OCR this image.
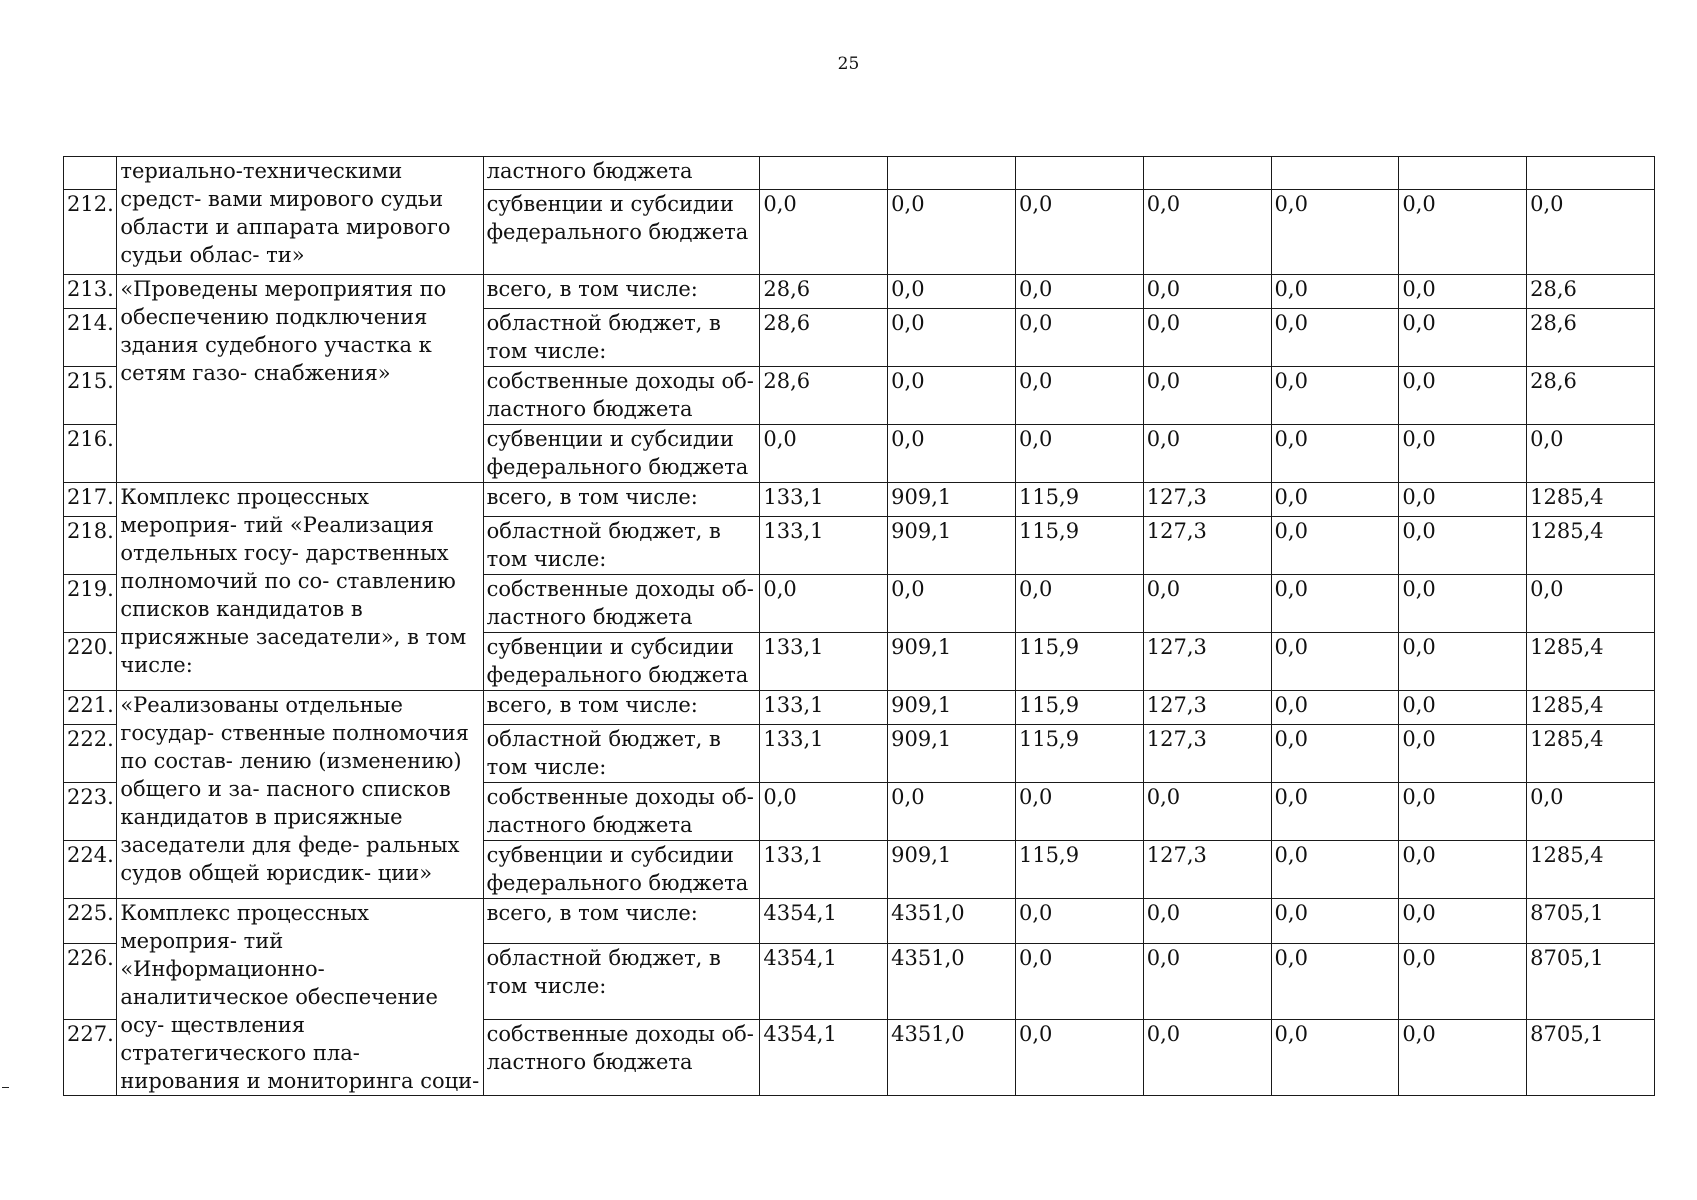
25
	териально-техническими средст- вами мирового судьи области и аппарата мирового судьи облас- ти»	ластного бюджета							
212.		субвенции и субсидии федерального бюджета	0,0	0,0	0,0	0,0	0,0	0,0	0,0
213.	«Проведены мероприятия по обеспечению подключения здания судебного участка к сетям газо- снабжения»	всего, в том числе:	28,6	0,0	0,0	0,0	0,0	0,0	28,6
214.		областной бюджет, в том числе:	28,6	0,0	0,0	0,0	0,0	0,0	28,6
215.		собственные доходы об- ластного бюджета	28,6	0,0	0,0	0,0	0,0	0,0	28,6
216.		субвенции и субсидии федерального бюджета	0,0	0,0	0,0	0,0	0,0	0,0	0,0
217.	Комплекс процессных мероприя- тий «Реализация отдельных госу- дарственных полномочий по со- ставлению списков кандидатов в присяжные заседатели», в том числе:	всего, в том числе:	133,1	909,1	115,9	127,3	0,0	0,0	1285,4
218.		областной бюджет, в том числе:	133,1	909,1	115,9	127,3	0,0	0,0	1285,4
219.		собственные доходы об- ластного бюджета	0,0	0,0	0,0	0,0	0,0	0,0	0,0
220.		субвенции и субсидии федерального бюджета	133,1	909,1	115,9	127,3	0,0	0,0	1285,4
221.	«Реализованы отдельные государ- ственные полномочия по состав- лению (изменению) общего и за- пасного списков кандидатов в присяжные заседатели для феде- ральных судов общей юрисдик- ции»	всего, в том числе:	133,1	909,1	115,9	127,3	0,0	0,0	1285,4
222.		областной бюджет, в том числе:	133,1	909,1	115,9	127,3	0,0	0,0	1285,4
223.		собственные доходы об- ластного бюджета	0,0	0,0	0,0	0,0	0,0	0,0	0,0
224.		субвенции и субсидии федерального бюджета	133,1	909,1	115,9	127,3	0,0	0,0	1285,4
225.	Комплекс процессных мероприя- тий «Информационно- аналитическое обеспечение осу- ществления стратегического пла- нирования и мониторинга соци-	всего, в том числе:	4354,1	4351,0	0,0	0,0	0,0	0,0	8705,1
226.		областной бюджет, в том числе:	4354,1	4351,0	0,0	0,0	0,0	0,0	8705,1
227.		собственные доходы об- ластного бюджета	4354,1	4351,0	0,0	0,0	0,0	0,0	8705,1
